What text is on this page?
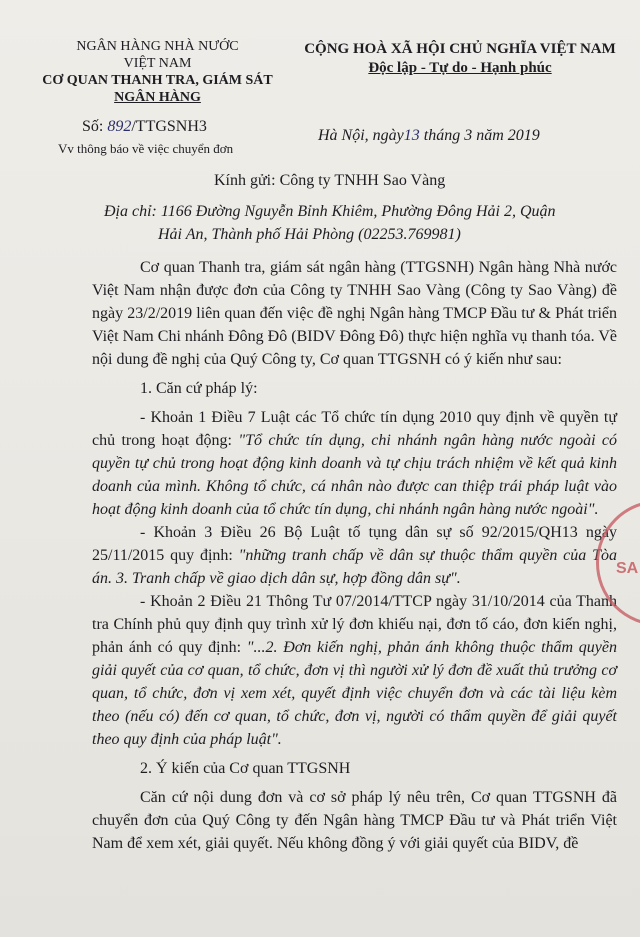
NGÂN HÀNG NHÀ NƯỚC
VIỆT NAM
CƠ QUAN THANH TRA, GIÁM SÁT
NGÂN HÀNG
CỘNG HOÀ XÃ HỘI CHỦ NGHĨA VIỆT NAM
Độc lập - Tự do - Hạnh phúc
Số: 892/TTGSNH3
Vv thông báo về việc chuyển đơn
Hà Nội, ngày13 tháng 3 năm 2019
Kính gửi: Công ty TNHH Sao Vàng
Địa chỉ: 1166 Đường Nguyễn Bỉnh Khiêm, Phường Đông Hải 2, Quận
Hải An, Thành phố Hải Phòng (02253.769981)

Cơ quan Thanh tra, giám sát ngân hàng (TTGSNH) Ngân hàng Nhà nước Việt Nam nhận được đơn của Công ty TNHH Sao Vàng (Công ty Sao Vàng) đề ngày 23/2/2019 liên quan đến việc đề nghị Ngân hàng TMCP Đầu tư & Phát triển Việt Nam Chi nhánh Đông Đô (BIDV Đông Đô) thực hiện nghĩa vụ thanh tóa. Về nội dung đề nghị của Quý Công ty, Cơ quan TTGSNH có ý kiến như sau:

1. Căn cứ pháp lý:

- Khoản 1 Điều 7 Luật các Tổ chức tín dụng 2010 quy định về quyền tự chủ trong hoạt động: "Tổ chức tín dụng, chi nhánh ngân hàng nước ngoài có quyền tự chủ trong hoạt động kinh doanh và tự chịu trách nhiệm về kết quả kinh doanh của mình. Không tổ chức, cá nhân nào được can thiệp trái pháp luật vào hoạt động kinh doanh của tổ chức tín dụng, chi nhánh ngân hàng nước ngoài".

- Khoản 3 Điều 26 Bộ Luật tố tụng dân sự số 92/2015/QH13 ngày 25/11/2015 quy định: "những tranh chấp về dân sự thuộc thẩm quyền của Tòa án. 3. Tranh chấp về giao dịch dân sự, hợp đồng dân sự".

- Khoản 2 Điều 21 Thông Tư 07/2014/TTCP ngày 31/10/2014 của Thanh tra Chính phủ quy định quy trình xử lý đơn khiếu nại, đơn tố cáo, đơn kiến nghị, phản ánh có quy định: "...2. Đơn kiến nghị, phản ánh không thuộc thẩm quyền giải quyết của cơ quan, tổ chức, đơn vị thì người xử lý đơn đề xuất thủ trưởng cơ quan, tổ chức, đơn vị xem xét, quyết định việc chuyển đơn và các tài liệu kèm theo (nếu có) đến cơ quan, tổ chức, đơn vị, người có thẩm quyền để giải quyết theo quy định của pháp luật".

2. Ý kiến của Cơ quan TTGSNH

Căn cứ nội dung đơn và cơ sở pháp lý nêu trên, Cơ quan TTGSNH đã chuyển đơn của Quý Công ty đến Ngân hàng TMCP Đầu tư và Phát triển Việt Nam để xem xét, giải quyết. Nếu không đồng ý với giải quyết của BIDV, đề

SA
